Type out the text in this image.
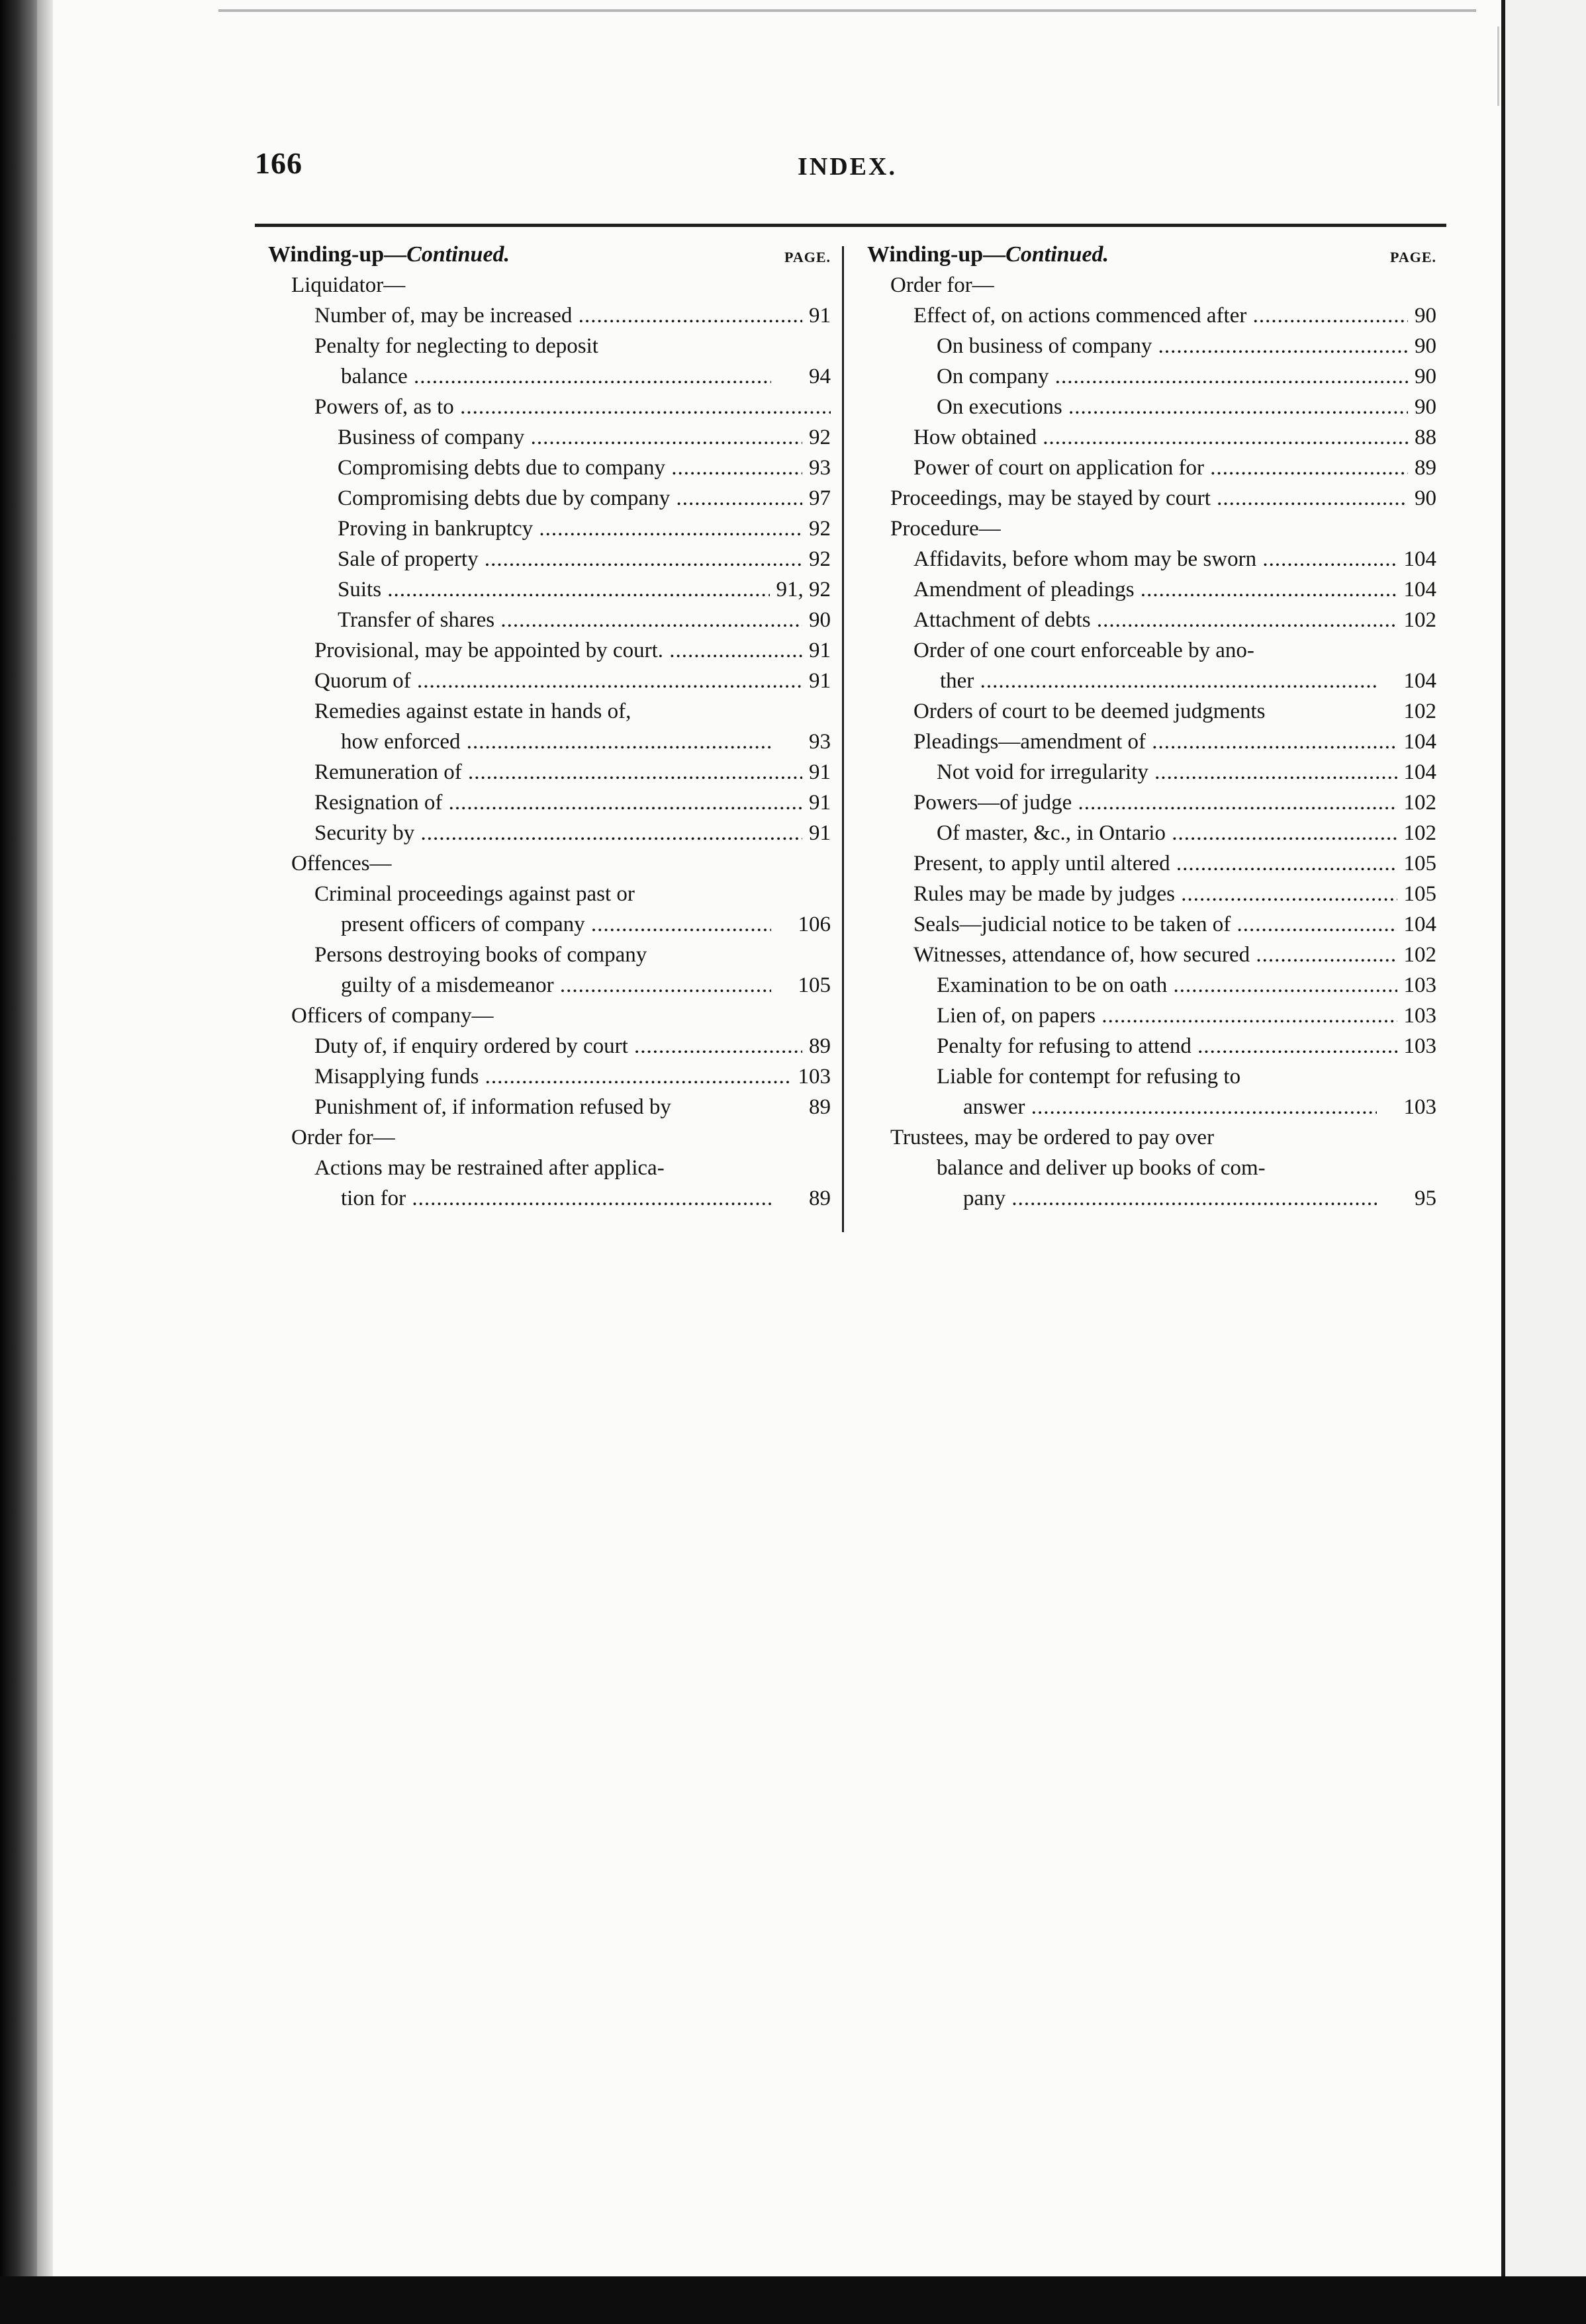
166	INDEX.
Winding-up—Continued.	PAGE.
Liquidator—
Number of, may be increased .....	91
Penalty for neglecting to deposit
balance .....	94
Powers of, as to .....
Business of company .....	92
Compromising debts due to company .....	93
Compromising debts due by company .....	97
Proving in bankruptcy .....	92
Sale of property .....	92
Suits .....	91, 92
Transfer of shares .....	90
Provisional, may be appointed by court. .....	91
Quorum of .....	91
Remedies against estate in hands of,
how enforced .....	93
Remuneration of .....	91
Resignation of .....	91
Security by .....	91
Offences—
Criminal proceedings against past or
present officers of company .....	106
Persons destroying books of company
guilty of a misdemeanor .....	105
Officers of company—
Duty of, if enquiry ordered by court .....	89
Misapplying funds .....	103
Punishment of, if information refused by	89
Order for—
Actions may be restrained after applica-
tion for .....	89
Winding-up—Continued.	PAGE.
Order for—
Effect of, on actions commenced after .....	90
On business of company .....	90
On company .....	90
On executions .....	90
How obtained .....	88
Power of court on application for .....	89
Proceedings, may be stayed by court .....	90
Procedure—
Affidavits, before whom may be sworn .....	104
Amendment of pleadings .....	104
Attachment of debts .....	102
Order of one court enforceable by ano-
ther .....	104
Orders of court to be deemed judgments	102
Pleadings—amendment of .....	104
Not void for irregularity .....	104
Powers—of judge .....	102
Of master, &c., in Ontario .....	102
Present, to apply until altered .....	105
Rules may be made by judges .....	105
Seals—judicial notice to be taken of .....	104
Witnesses, attendance of, how secured .....	102
Examination to be on oath .....	103
Lien of, on papers .....	103
Penalty for refusing to attend .....	103
Liable for contempt for refusing to
answer .....	103
Trustees, may be ordered to pay over
balance and deliver up books of com-
pany .....	95
